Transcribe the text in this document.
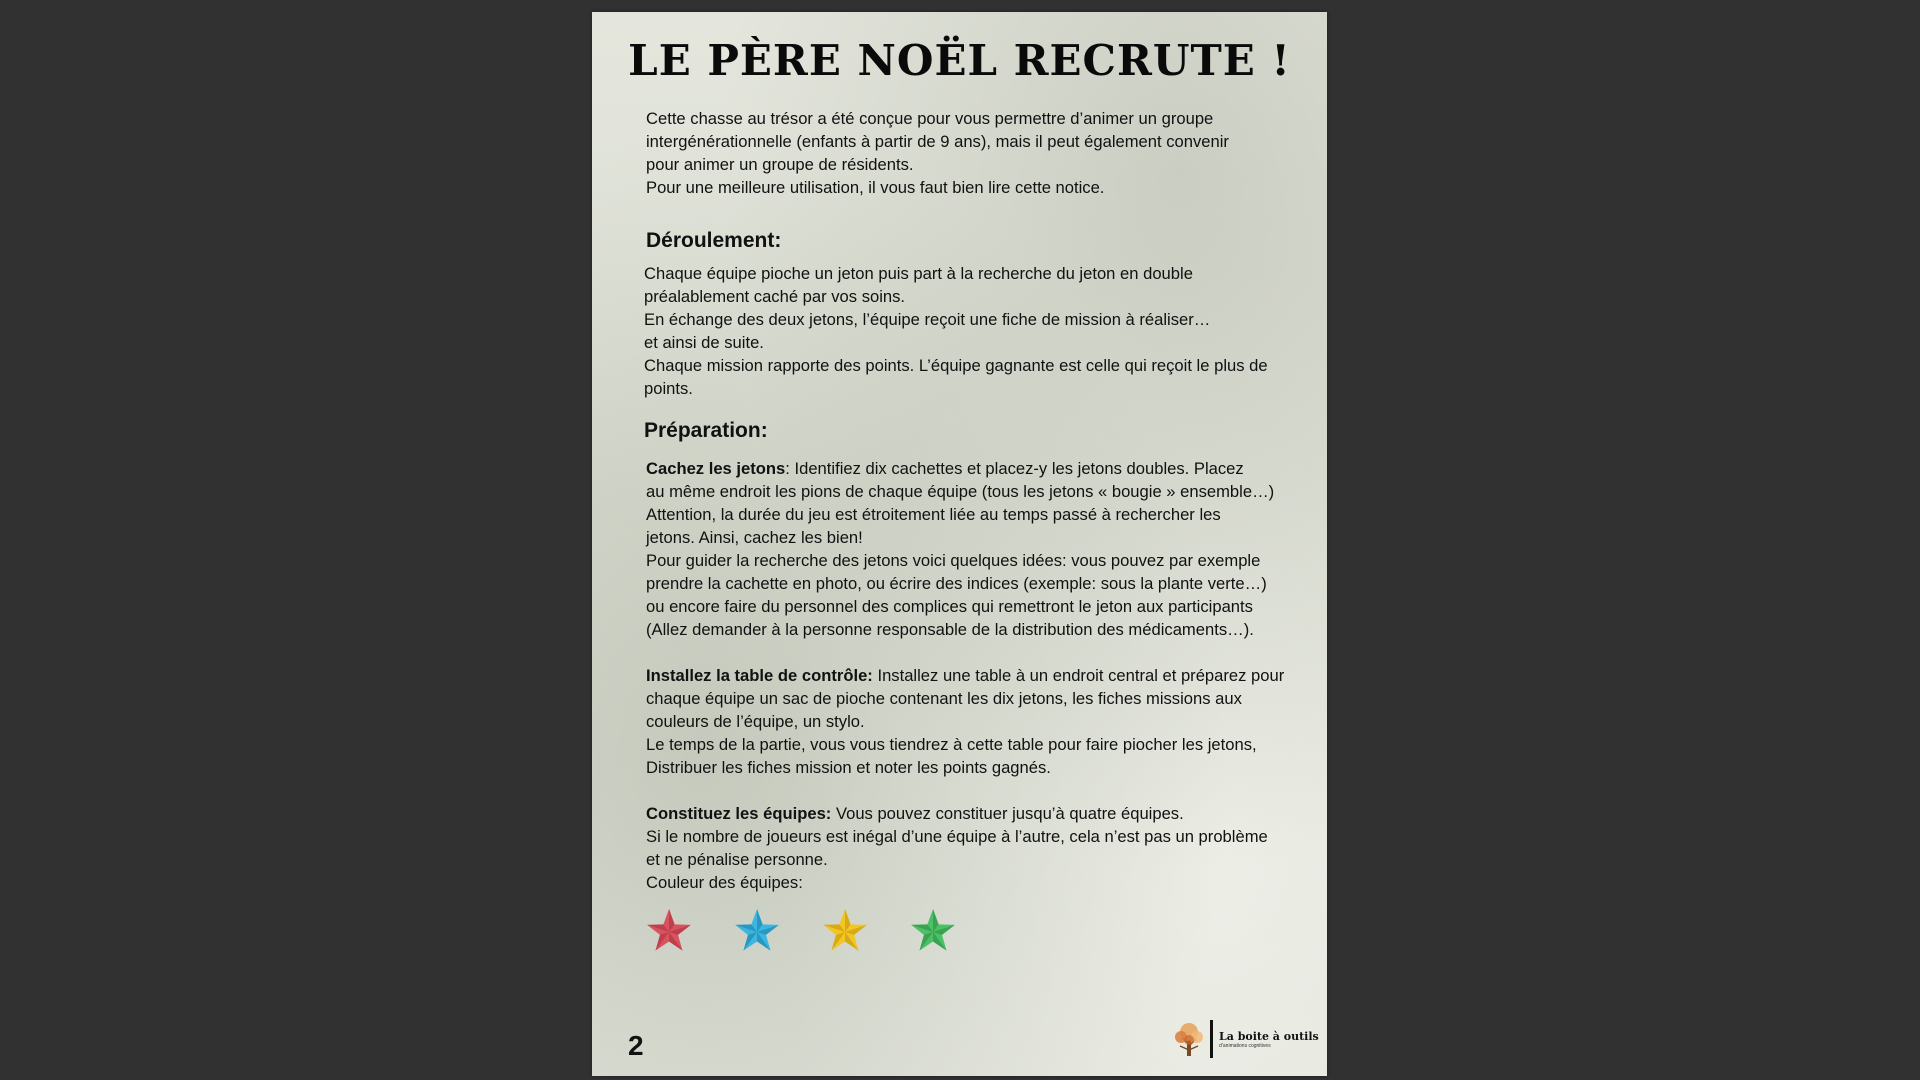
LE PÈRE NOËL RECRUTE !

Cette chasse au trésor a été conçue pour vous permettre d’animer un groupe

intergénérationnelle (enfants à partir de 9 ans), mais il peut également convenir

pour animer un groupe de résidents.

Pour une meilleure utilisation, il vous faut bien lire cette notice.

Déroulement:

Chaque équipe pioche un jeton puis part à la recherche du jeton en double

préalablement caché par vos soins.

En échange des deux jetons, l’équipe reçoit une fiche de mission à réaliser…

et ainsi de suite.

Chaque mission rapporte des points. L’équipe gagnante est celle qui reçoit le plus de

points.

Préparation:

Cachez les jetons: Identifiez dix cachettes et placez-y les jetons doubles. Placez

au même endroit les pions de chaque équipe (tous les jetons « bougie » ensemble…)

Attention, la durée du jeu est étroitement liée au temps passé à rechercher les

jetons. Ainsi, cachez les bien!

Pour guider la recherche des jetons voici quelques idées: vous pouvez par exemple

prendre la cachette en photo, ou écrire des indices (exemple: sous la plante verte…)

ou encore faire du personnel des complices qui remettront le jeton aux participants

(Allez demander à la personne responsable de la distribution des médicaments…).

Installez la table de contrôle: Installez une table à un endroit central et préparez pour

chaque équipe un sac de pioche contenant les dix jetons, les fiches missions aux

couleurs de l’équipe, un stylo.

Le temps de la partie, vous vous tiendrez à cette table pour faire piocher les jetons,

Distribuer les fiches mission et noter les points gagnés.

Constituez les équipes: Vous pouvez constituer jusqu’à quatre équipes.

Si le nombre de joueurs est inégal d’une équipe à l’autre, cela n’est pas un problème

et ne pénalise personne.

Couleur des équipes:

2	La boite à outils
d’animations cognitives
